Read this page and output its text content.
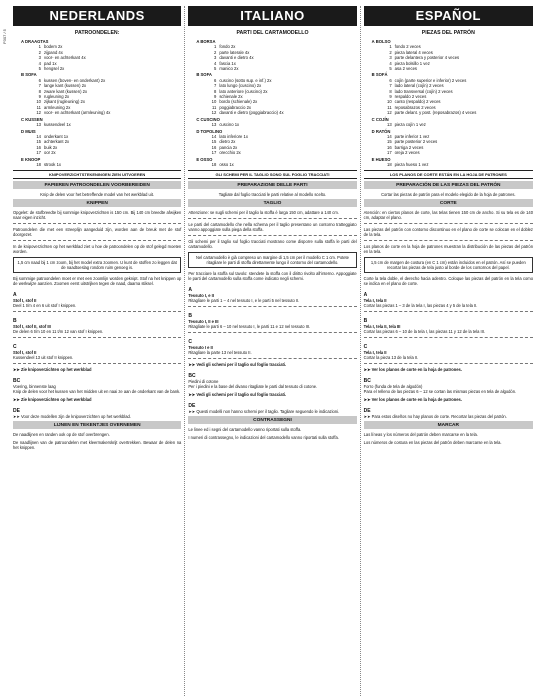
P307 / 5
NEDERLANDS
PATROONDELEN:
A DRAAGTAS
1 bodem 2x
2 zijpand 4x
3 voor- en achterkant 4x
4 pad 1x
5 hengsel 2x
B SOFA
6 kussen (boven- en onderkant) 2x
7 lange kant (kussen) 2x
8 zware kant (kussen) 2x
9 rugleuning 2x
10 zijkant (rugleuning) 2x
11 armleuning 2x
12 voor- en achterkant (armleuning) 4x
C KUSSEN
13 kussendeel 1x
D MUIS
14 onderkant 1x
15 achterkant 2x
16 buik 2x
17 oor 2x
E KNOOP
18 strook 1x
KNIPOVERZICHTSTEKENINGEN ZIEN UITVOEREN
PAPIEREN PATROONDELEN VOORBEREIDEN
Knip de delen voor het betreffende model van het werkblad uit.
KNIPPEN
Opgelet: de stofbreedte bij sommige knipoverzichten is 150 cm. Bij 140 cm breedte afwijken naar eigen inzicht.
Patroondelen die met een streeplijn aangeduid zijn, worden aan de breuk met de stof doorgezet.
In de knipoverzichten op het werkblad ziet u hoe de patroondelen op de stof gelegd moeten worden.
1,5 cm naad bij 1 cm zoom, bij het model extra zoomen. U kunt de stoffen zo leggen dat de naadtoeslag rondom ruim genoeg is.
Bij sommige patroondelen moet er met een zoomlijn worden geknipt. Stof na het knippen op de werkwijze aanzien. Zoomen eerst uitstrijken tegen de naad, daarna stiksel.
A
Stof I, stof II
Deel 1 t/m 4 en 6 uit stof I knippen.
B
Stof I, stof II, stof III
De delen 6 t/m 10 en 11 t/m 12 van stof I knippen.
C
Stof I, stof II
Kussendeel 13 uit stof II knippen.
➤➤ Zie knipoverzichten op het werkblad
BC
Voering, binnenste laag
Knip de delen voor het kussen van het midden uit en naai ze aan de onderkant van de bank.
➤➤ Zie knipoverzichten op het werkblad
DE
➤➤ Voor deze modellen zijn de knipoverzichten op het werkblad.
LIJNEN EN TEKENTJES OVERNEMEN
De naadlijnen en randen ook op de stof overbrengen.
De naadlijnen van de patroondelen met kleermakerskrijt overtrekken. Bewaar de delen na het knippen.
ITALIANO
PARTI DEL CARTAMODELLO
A BORSA
1 fondo 2x
2 parte laterale 4x
3 davanti e dietro 4x
4 fascia 1x
5 manico 2x
B SOFA
6 cuscino (sotto sup. e inf.) 2x
7 lato lungo (cuscino) 2x
8 lato anteriore (cuscino) 2x
9 schienale 2x
10 bordo (schienale) 2x
11 poggiabraccio 2x
12 davanti e dietro (poggiabraccio) 4x
C CUSCINO
13 cuscino 1x
D TOPOLINO
14 lato inferiore 1x
15 dietro 2x
16 pancia 2x
17 orecchio 2x
E OSSO
18 osso 1x
GLI SCHEMI PER IL TAGLIO SONO SUL FOGLIO TRACCIATI
PREPARAZIONE DELLE PARTI
Tagliate dal foglio tracciati le parti relative al modello scelto.
TAGLIO
Attenzione: se sugli schemi per il taglio la stoffa è larga 150 cm, adattare a 140 cm.
Le parti del cartamodello che nella schema per il taglio presentano un contorno tratteggiato vanno appoggiate sulla piega della stoffa.
Gli schemi per il taglio sul foglio tracciati mostrano come disporre sulla stoffa le parti del cartamodello.
Nel cartamodello è già compreso un margine di 1,5 cm per il modello C 1 cm. Potete ritagliare le parti di stoffa direttamente lungo il contorno del cartamodello.
Per tracciare la stoffa sul tavolo: stendete la stoffa con il diritto rivolto all’interno. Appoggiate le parti del cartamodello sulla stoffa come indicato negli schemi.
A
Tessuto I, e II
Ritagliare le parti 1 – 4 nel tessuto I, e le parti 5 nel tessuto II.
B
Tessuto I, II e III
Ritagliate le parti 6 – 10 nel tessuto I, le parti 11 e 12 nel tessuto III.
C
Tessuto I e II
Ritagliare la parte 13 nel tessuto II.
➤➤ Vedi gli schemi per il taglio sul foglio tracciati.
BC
Piedini di cotone
Per i piedini e la base del divano ritagliate le parti dal tessuto di cotone.
➤➤ Vedi gli schemi per il taglio sul foglio tracciati.
DE
➤➤ Questi modelli non hanno schemi per il taglio. Tagliare seguendo le indicazioni.
CONTRASSEGNI
Le linee ed i segni del cartamodello vanno riportati sulla stoffa.
I numeri di contrassegno, le indicazioni del cartamodello vanno riportati sulla stoffa.
ESPAÑOL
PIEZAS DEL PATRÓN
A BOLSO
1 fondo 2 veces
2 pieza lateral 4 veces
3 parte delantera y posterior 4 veces
4 pieza bolsillo 1 vez
5 asa 2 veces
B SOFÁ
6 cojín (parte superior e inferior) 2 veces
7 lado lateral (cojín) 2 veces
8 lado transversal (cojín) 2 veces
9 respaldo 2 veces
10 canto (respaldo) 2 veces
11 reposabrazos 2 veces
12 parte delant. y post. (reposabrazos) 4 veces
C COJÍN
13 pieza cojín 1 vez
D RATÓN
14 parte inferior 1 vez
15 parte posterior 2 veces
16 barriga 2 veces
17 oreja 2 veces
E HUESO
18 pieza hueso 1 vez
LOS PLANOS DE CORTE ESTÁN EN LA HOJA DE PATRONES
PREPARACIÓN DE LAS PIEZAS DEL PATRÓN
Cortar las piezas de patrón para el modelo elegido de la hoja de patrones.
CORTE
Atención: en ciertos planos de corte, las telas tienen 150 cm de ancho. Si su tela es de 140 cm, adaptar el plano.
Las piezas del patrón con contorno discontinuo en el plano de corte se colocan en el doblez de la tela.
Los planos de corte en la hoja de patrones muestran la distribución de las piezas del patrón en la tela.
1,5 cm de margen de costura (en C 1 cm) están incluidos en el patrón. Así se pueden recortar las piezas de tela justo al borde de los contornos del papel.
Corte la tela doble, el derecho hacia adentro. Coloque las piezas del patrón en la tela como se indica en el plano de corte.
A
Tela I, tela II
Cortar las piezas 1 – 3 de la tela I, las piezas 4 y 5 de la tela II.
B
Tela I, tela II, tela III
Cortar las piezas 6 – 10 de la tela I, las piezas 11 y 12 de la tela III.
C
Tela I, tela II
Cortar la pieza 13 de la tela II.
➤➤ Ver los planos de corte en la hoja de patrones.
BC
Forro (funda de tela de algodón)
Para el relleno de las piezas 6 – 12 se cortan las mismas piezas en tela de algodón.
➤➤ Ver los planos de corte en la hoja de patrones.
DE
➤➤ Para estos diseños no hay planos de corte. Recortar las piezas del patrón.
MARCAR
Las líneas y los números del patrón deben marcarse en la tela.
Los números de costura en las piezas del patrón deben marcarse en la tela.
